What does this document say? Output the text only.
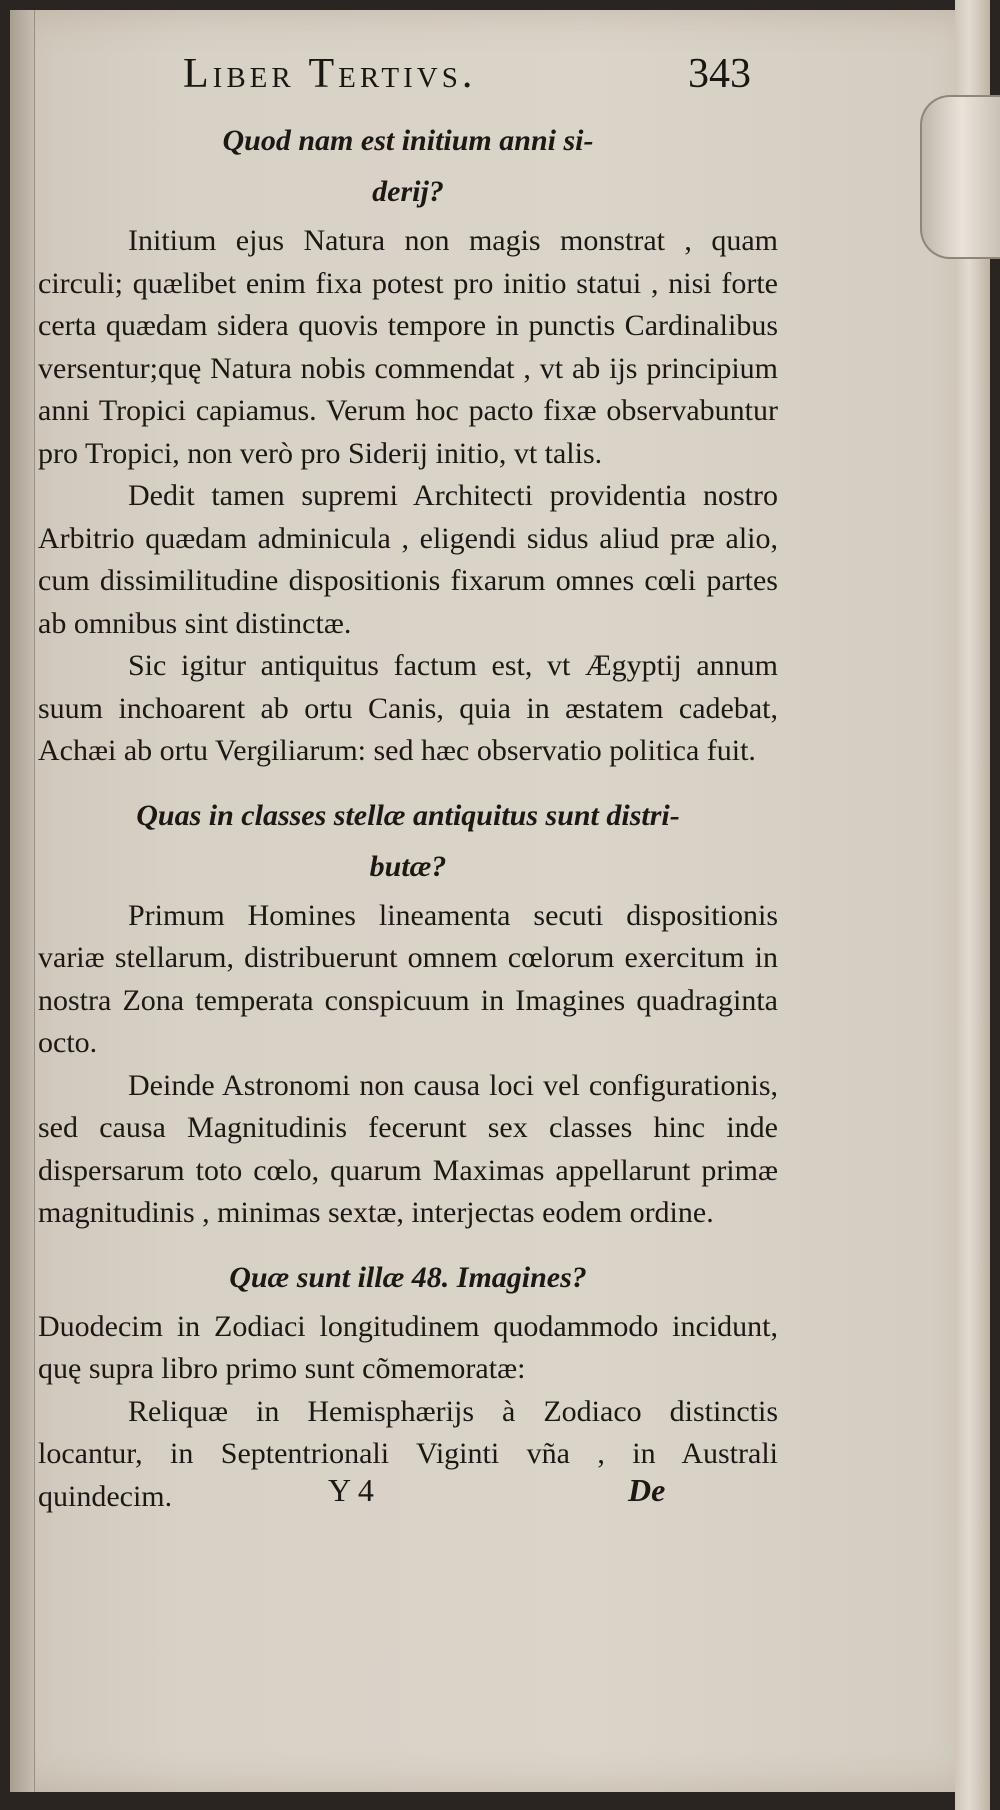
Liber Tertivs.	343
Quod nam est initium anni si-
derij?

Initium ejus Natura non magis monstrat , quam circuli; quælibet enim fixa potest pro initio statui , nisi forte certa quædam sidera quovis tempore in punctis Cardinalibus versentur;quę Natura nobis commendat , vt ab ijs principium anni Tropici capiamus. Verum hoc pacto fixæ observabuntur pro Tropici, non verò pro Siderij initio, vt talis.

Dedit tamen supremi Architecti providentia nostro Arbitrio quædam adminicula , eligendi sidus aliud præ alio, cum dissimilitudine dispositionis fixarum omnes cœli partes ab omnibus sint distinctæ.

Sic igitur antiquitus factum est, vt Ægyptij annum suum inchoarent ab ortu Canis, quia in æstatem cadebat, Achæi ab ortu Vergiliarum: sed hæc observatio politica fuit.

Quas in classes stellæ antiquitus sunt distri-
butæ?

Primum Homines lineamenta secuti dispositionis variæ stellarum, distribuerunt omnem cœlorum exercitum in nostra Zona temperata conspicuum in Imagines quadraginta octo.

Deinde Astronomi non causa loci vel configurationis, sed causa Magnitudinis fecerunt sex classes hinc inde dispersarum toto cœlo, quarum Maximas appellarunt primæ magnitudinis , minimas sextæ, interjectas eodem ordine.

Quæ sunt illæ 48. Imagines?

Duodecim in Zodiaci longitudinem quodammodo incidunt, quę supra libro primo sunt cõmemoratæ:

Reliquæ in Hemisphærijs à Zodiaco distinctis locantur, in Septentrionali Viginti vña , in Australi quindecim.	Y 4	De
